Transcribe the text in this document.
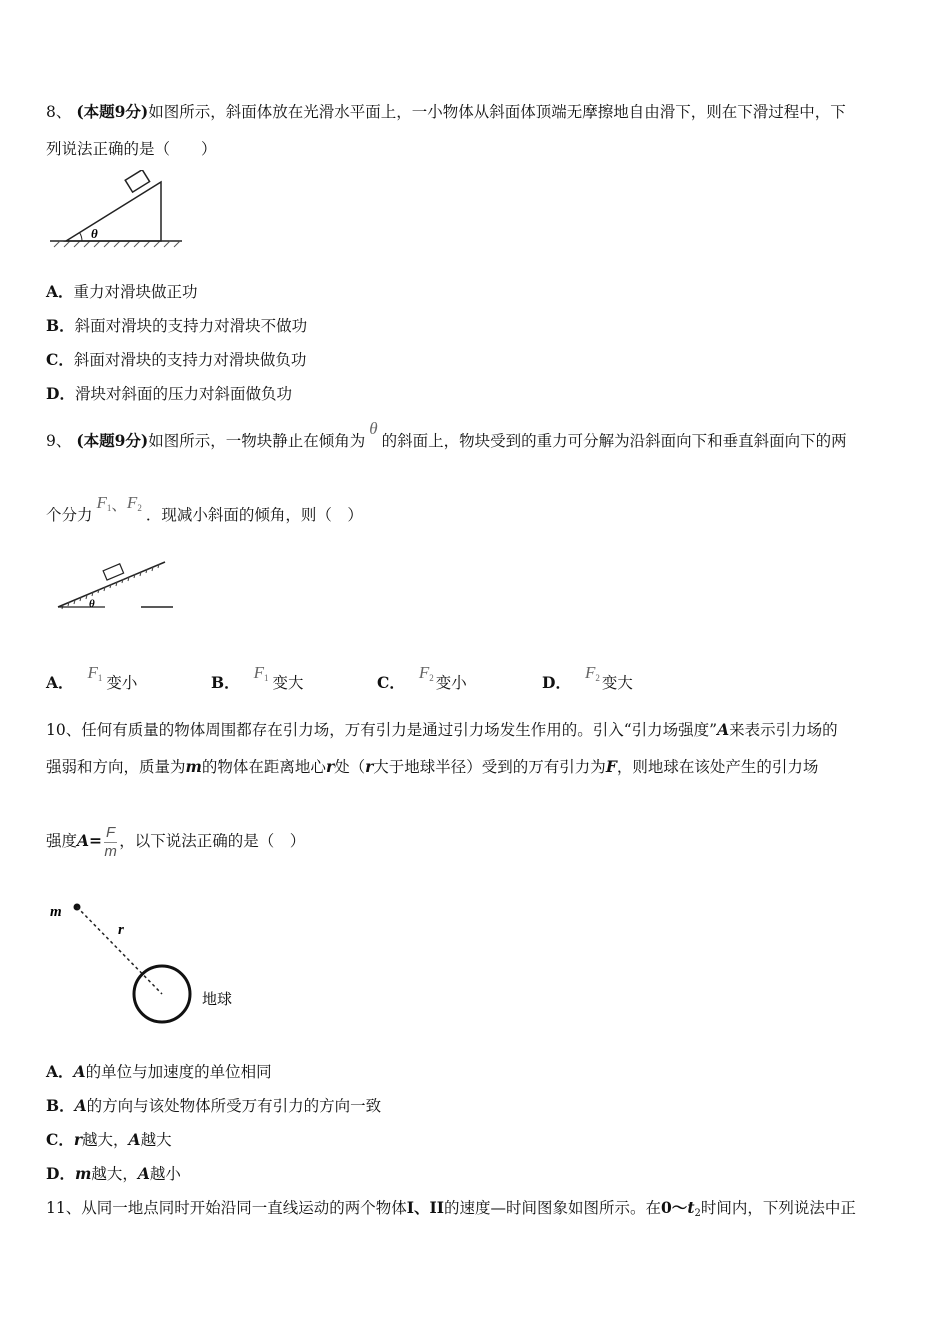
8、 (本题9分)如图所示，斜面体放在光滑水平面上，一小物体从斜面体顶端无摩擦地自由滑下，则在下滑过程中，下
列说法正确的是（　　）
θ
A．重力对滑块做正功
B．斜面对滑块的支持力对滑块不做功
C．斜面对滑块的支持力对滑块做负功
D．滑块对斜面的压力对斜面做负功
9、 (本题9分)如图所示，一物块静止在倾角为θ的斜面上，物块受到的重力可分解为沿斜面向下和垂直斜面向下的两
个分力$F_1$、$F_2$ ．现减小斜面的倾角，则（　）
θ
A．$F_1$ 变小	B．$F_1$ 变大	C．$F_2$ 变小	D．$F_2$ 变大
10、任何有质量的物体周围都存在引力场，万有引力是通过引力场发生作用的。引入“引力场强度”A来表示引力场的
强弱和方向，质量为m的物体在距离地心r处（r大于地球半径）受到的万有引力为F，则地球在该处产生的引力场
强度$A= \frac{F}{m}$ ，以下说法正确的是（　）
m
r
地球
A．A的单位与加速度的单位相同
B．A的方向与该处物体所受万有引力的方向一致
C．r越大，A越大
D．m越大，A越小
11、从同一地点同时开始沿同一直线运动的两个物体I、II的速度—时间图象如图所示。在$0\sim t_2$时间内，下列说法中正
